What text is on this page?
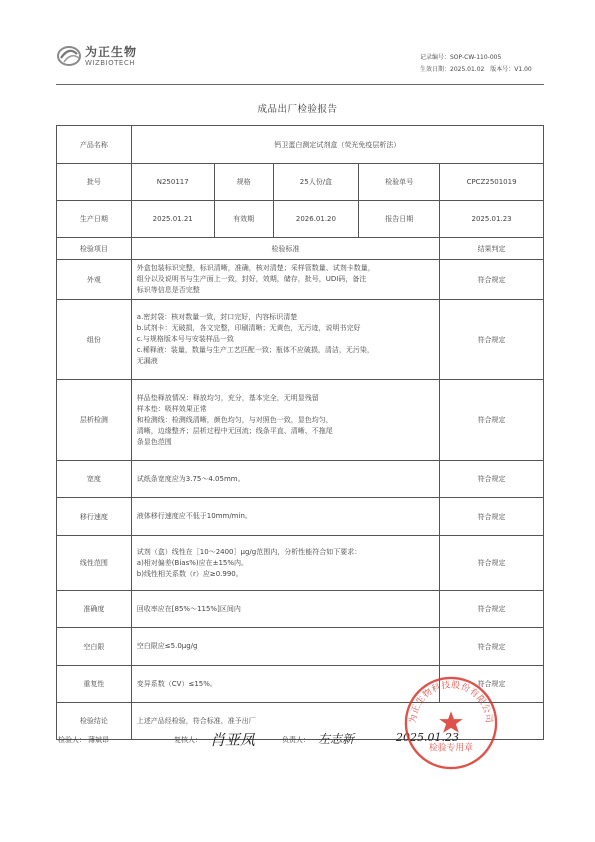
为正生物
WIZBIOTECH
记录编号：SOP-CW-110-005
生效日期：2025.01.02 版本号：V1.00
成品出厂检验报告
产品名称	钙卫蛋白测定试剂盒（荧光免疫层析法）				
批号	N250117	规格	25人份/盒	检验单号	CPCZ2501019
生产日期	2025.01.21	有效期	2026.01.20	报告日期	2025.01.23
检验项目	检验标准				结果判定
外观	外盒包装标识完整，标识清晰，准确，核对清楚；采样管数量、试剂卡数量，
组分以及说明书与生产面上一致，封好，效期，储存，批号，UDI码，备注
标识等信息是否完整				符合规定
组份	a.密封袋：核对数量一致，封口完好，内容标识清楚
b.试剂卡：无破损，各文完整，印刷清晰；无黄色，无污迹，说明书完好
c.与规格版本号与安装样品一致
c.稀释液：装量，数量与生产工艺匹配一致；瓶体不应破损，清洁，无污染，
无漏液				符合规定
层析检测	样品垫释放情况：释放均匀，充分，基本完全，无明显残留
样本垫：吸样效果正常
和检测线：检测线清晰，颜色均匀，与对照色一致，显色均匀，
清晰，边缘整齐；层析过程中无回流；线条平直、清晰、不拖尾
条显色范围				符合规定
宽度	试纸条宽度应为3.75～4.05mm。				符合规定
移行速度	液体移行速度应不低于10mm/min。				符合规定
线性范围	试剂（盒）线性在［10～2400］μg/g范围内，分析性能符合如下要求：
a)相对偏差(Bias%)应在±15%内。
b)线性相关系数（r）应≥0.990。				符合规定
准确度	回收率应在[85%～115%]区间内				符合规定
空白限	空白限应≤5.0μg/g				符合规定
重复性	变异系数（CV）≤15%。				符合规定
检验结论	上述产品经检验，符合标准，准予出厂				
检验人： 薄斌昂	复核人： 肖亚凤	负责人： 左志新	2025.01.23
为正生物科技股份有限公司
检验专用章
